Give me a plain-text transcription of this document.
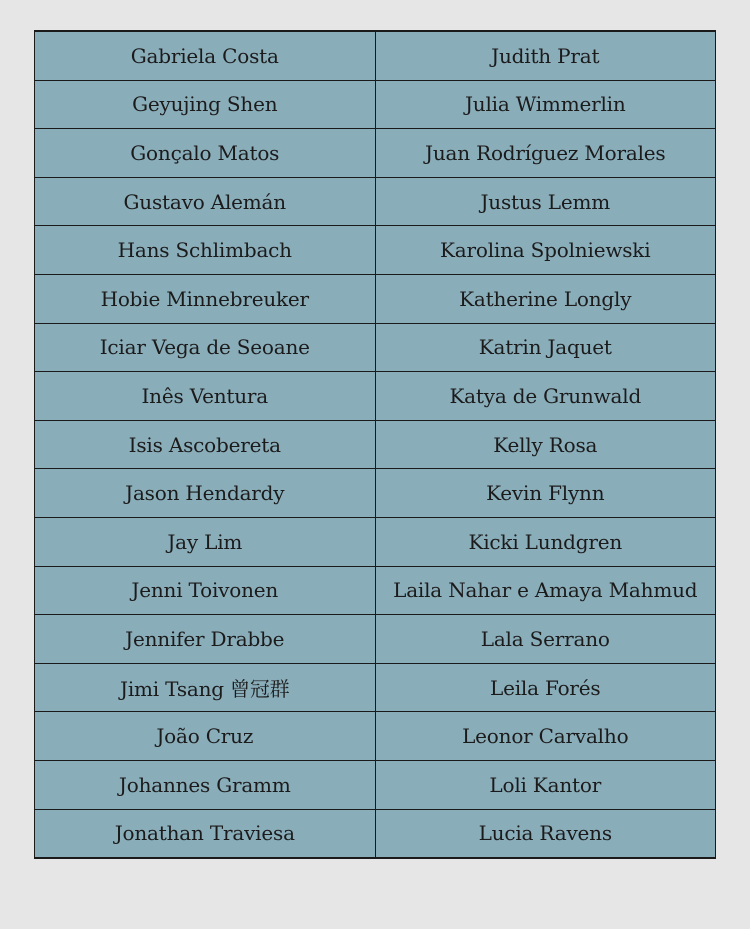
Gabriela Costa	Judith Prat
Geyujing Shen	Julia Wimmerlin
Gonçalo Matos	Juan Rodríguez Morales
Gustavo Alemán	Justus Lemm
Hans Schlimbach	Karolina Spolniewski
Hobie Minnebreuker	Katherine Longly
Iciar Vega de Seoane	Katrin Jaquet
Inês Ventura	Katya de Grunwald
Isis Ascobereta	Kelly Rosa
Jason Hendardy	Kevin Flynn
Jay Lim	Kicki Lundgren
Jenni Toivonen	Laila Nahar e Amaya Mahmud
Jennifer Drabbe	Lala Serrano
Jimi Tsang 曾冠群	Leila Forés
João Cruz	Leonor Carvalho
Johannes Gramm	Loli Kantor
Jonathan Traviesa	Lucia Ravens
